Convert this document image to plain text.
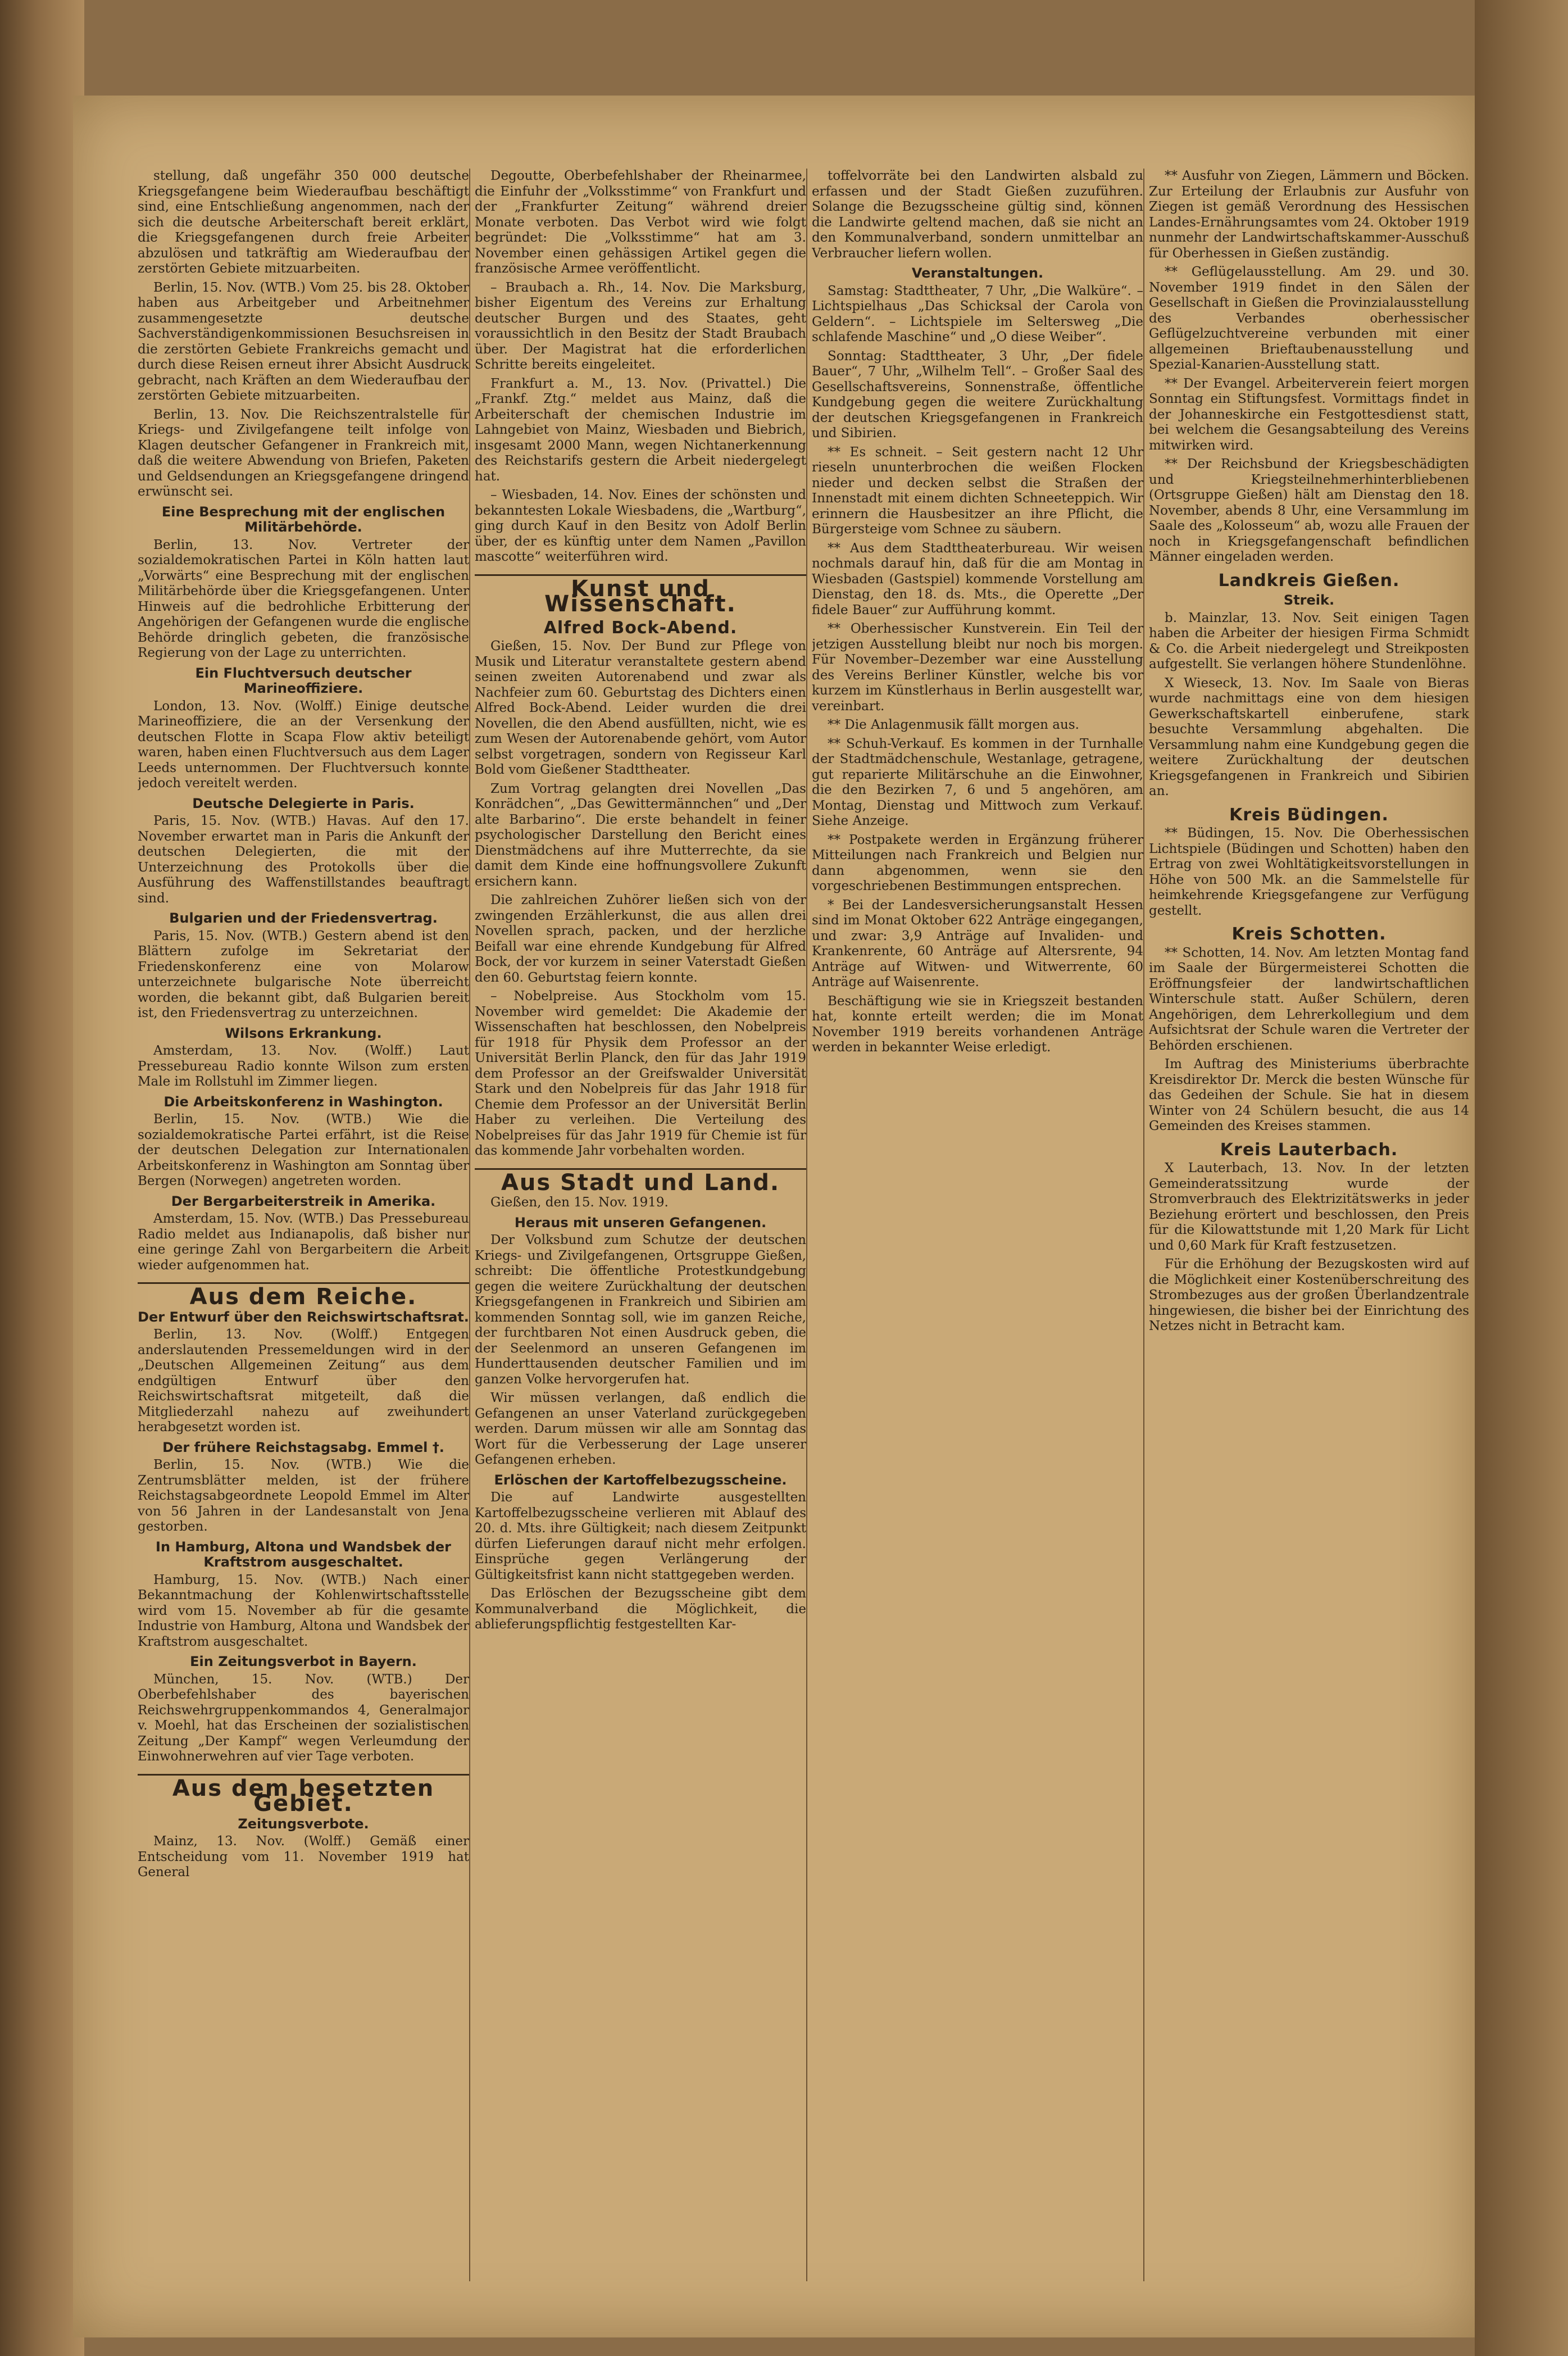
stellung, daß ungefähr 350 000 deutsche Kriegsgefangene beim Wiederaufbau beschäftigt sind, eine Entschließung angenommen, nach der sich die deutsche Arbeiterschaft bereit erklärt, die Kriegsgefangenen durch freie Arbeiter abzulösen und tatkräftig am Wiederaufbau der zerstörten Gebiete mitzuarbeiten.

Berlin, 15. Nov. (WTB.) Vom 25. bis 28. Oktober haben aus Arbeitgeber und Arbeitnehmer zusammengesetzte deutsche Sachverständigenkommissionen Besuchsreisen in die zerstörten Gebiete Frankreichs gemacht und durch diese Reisen erneut ihrer Absicht Ausdruck gebracht, nach Kräften an dem Wiederaufbau der zerstörten Gebiete mitzuarbeiten.

Berlin, 13. Nov. Die Reichszentralstelle für Kriegs- und Zivilgefangene teilt infolge von Klagen deutscher Gefangener in Frankreich mit, daß die weitere Abwendung von Briefen, Paketen und Geldsendungen an Kriegsgefangene dringend erwünscht sei.

Eine Besprechung mit der englischen Militärbehörde.

Berlin, 13. Nov. Vertreter der sozialdemokratischen Partei in Köln hatten laut „Vorwärts“ eine Besprechung mit der englischen Militärbehörde über die Kriegsgefangenen. Unter Hinweis auf die bedrohliche Erbitterung der Angehörigen der Gefangenen wurde die englische Behörde dringlich gebeten, die französische Regierung von der Lage zu unterrichten.

Ein Fluchtversuch deutscher Marineoffiziere.

London, 13. Nov. (Wolff.) Einige deutsche Marineoffiziere, die an der Versenkung der deutschen Flotte in Scapa Flow aktiv beteiligt waren, haben einen Fluchtversuch aus dem Lager Leeds unternommen. Der Fluchtversuch konnte jedoch vereitelt werden.

Deutsche Delegierte in Paris.

Paris, 15. Nov. (WTB.) Havas. Auf den 17. November erwartet man in Paris die Ankunft der deutschen Delegierten, die mit der Unterzeichnung des Protokolls über die Ausführung des Waffenstillstandes beauftragt sind.

Bulgarien und der Friedensvertrag.

Paris, 15. Nov. (WTB.) Gestern abend ist den Blättern zufolge im Sekretariat der Friedenskonferenz eine von Molarow unterzeichnete bulgarische Note überreicht worden, die bekannt gibt, daß Bulgarien bereit ist, den Friedensvertrag zu unterzeichnen.

Wilsons Erkrankung.

Amsterdam, 13. Nov. (Wolff.) Laut Pressebureau Radio konnte Wilson zum ersten Male im Rollstuhl im Zimmer liegen.

Die Arbeitskonferenz in Washington.

Berlin, 15. Nov. (WTB.) Wie die sozialdemokratische Partei erfährt, ist die Reise der deutschen Delegation zur Internationalen Arbeitskonferenz in Washington am Sonntag über Bergen (Norwegen) angetreten worden.

Der Bergarbeiterstreik in Amerika.

Amsterdam, 15. Nov. (WTB.) Das Pressebureau Radio meldet aus Indianapolis, daß bisher nur eine geringe Zahl von Bergarbeitern die Arbeit wieder aufgenommen hat.

Aus dem Reiche.
Der Entwurf über den Reichswirtschaftsrat.

Berlin, 13. Nov. (Wolff.) Entgegen anderslautenden Pressemeldungen wird in der „Deutschen Allgemeinen Zeitung“ aus dem endgültigen Entwurf über den Reichswirtschaftsrat mitgeteilt, daß die Mitgliederzahl nahezu auf zweihundert herabgesetzt worden ist.

Der frühere Reichstagsabg. Emmel †.

Berlin, 15. Nov. (WTB.) Wie die Zentrumsblätter melden, ist der frühere Reichstagsabgeordnete Leopold Emmel im Alter von 56 Jahren in der Landesanstalt von Jena gestorben.

In Hamburg, Altona und Wandsbek der Kraftstrom ausgeschaltet.

Hamburg, 15. Nov. (WTB.) Nach einer Bekanntmachung der Kohlenwirtschaftsstelle wird vom 15. November ab für die gesamte Industrie von Hamburg, Altona und Wandsbek der Kraftstrom ausgeschaltet.

Ein Zeitungsverbot in Bayern.

München, 15. Nov. (WTB.) Der Oberbefehlshaber des bayerischen Reichswehrgruppenkommandos 4, Generalmajor v. Moehl, hat das Erscheinen der sozialistischen Zeitung „Der Kampf“ wegen Verleumdung der Einwohnerwehren auf vier Tage verboten.

Aus dem besetzten Gebiet.
Zeitungsverbote.

Mainz, 13. Nov. (Wolff.) Gemäß einer Entscheidung vom 11. November 1919 hat General

Degoutte, Oberbefehlshaber der Rheinarmee, die Einfuhr der „Volksstimme“ von Frankfurt und der „Frankfurter Zeitung“ während dreier Monate verboten. Das Verbot wird wie folgt begründet: Die „Volksstimme“ hat am 3. November einen gehässigen Artikel gegen die französische Armee veröffentlicht.

– Braubach a. Rh., 14. Nov. Die Marksburg, bisher Eigentum des Vereins zur Erhaltung deutscher Burgen und des Staates, geht voraussichtlich in den Besitz der Stadt Braubach über. Der Magistrat hat die erforderlichen Schritte bereits eingeleitet.

Frankfurt a. M., 13. Nov. (Privattel.) Die „Frankf. Ztg.“ meldet aus Mainz, daß die Arbeiterschaft der chemischen Industrie im Lahngebiet von Mainz, Wiesbaden und Biebrich, insgesamt 2000 Mann, wegen Nichtanerkennung des Reichstarifs gestern die Arbeit niedergelegt hat.

– Wiesbaden, 14. Nov. Eines der schönsten und bekanntesten Lokale Wiesbadens, die „Wartburg“, ging durch Kauf in den Besitz von Adolf Berlin über, der es künftig unter dem Namen „Pavillon mascotte“ weiterführen wird.

Kunst und Wissenschaft.
Alfred Bock-Abend.

Gießen, 15. Nov. Der Bund zur Pflege von Musik und Literatur veranstaltete gestern abend seinen zweiten Autorenabend und zwar als Nachfeier zum 60. Geburtstag des Dichters einen Alfred Bock-Abend. Leider wurden die drei Novellen, die den Abend ausfüllten, nicht, wie es zum Wesen der Autorenabende gehört, vom Autor selbst vorgetragen, sondern von Regisseur Karl Bold vom Gießener Stadttheater.

Zum Vortrag gelangten drei Novellen „Das Konrädchen“, „Das Gewittermännchen“ und „Der alte Barbarino“. Die erste behandelt in feiner psychologischer Darstellung den Bericht eines Dienstmädchens auf ihre Mutterrechte, da sie damit dem Kinde eine hoffnungsvollere Zukunft ersichern kann.

Die zahlreichen Zuhörer ließen sich von der zwingenden Erzählerkunst, die aus allen drei Novellen sprach, packen, und der herzliche Beifall war eine ehrende Kundgebung für Alfred Bock, der vor kurzem in seiner Vaterstadt Gießen den 60. Geburtstag feiern konnte.

– Nobelpreise. Aus Stockholm vom 15. November wird gemeldet: Die Akademie der Wissenschaften hat beschlossen, den Nobelpreis für 1918 für Physik dem Professor an der Universität Berlin Planck, den für das Jahr 1919 dem Professor an der Greifswalder Universität Stark und den Nobelpreis für das Jahr 1918 für Chemie dem Professor an der Universität Berlin Haber zu verleihen. Die Verteilung des Nobelpreises für das Jahr 1919 für Chemie ist für das kommende Jahr vorbehalten worden.

Aus Stadt und Land.

Gießen, den 15. Nov. 1919.

Heraus mit unseren Gefangenen.

Der Volksbund zum Schutze der deutschen Kriegs- und Zivilgefangenen, Ortsgruppe Gießen, schreibt: Die öffentliche Protestkundgebung gegen die weitere Zurückhaltung der deutschen Kriegsgefangenen in Frankreich und Sibirien am kommenden Sonntag soll, wie im ganzen Reiche, der furchtbaren Not einen Ausdruck geben, die der Seelenmord an unseren Gefangenen im Hunderttausenden deutscher Familien und im ganzen Volke hervorgerufen hat.

Wir müssen verlangen, daß endlich die Gefangenen an unser Vaterland zurückgegeben werden. Darum müssen wir alle am Sonntag das Wort für die Verbesserung der Lage unserer Gefangenen erheben.

Erlöschen der Kartoffelbezugsscheine.

Die auf Landwirte ausgestellten Kartoffelbezugsscheine verlieren mit Ablauf des 20. d. Mts. ihre Gültigkeit; nach diesem Zeitpunkt dürfen Lieferungen darauf nicht mehr erfolgen. Einsprüche gegen Verlängerung der Gültigkeitsfrist kann nicht stattgegeben werden.

Das Erlöschen der Bezugsscheine gibt dem Kommunalverband die Möglichkeit, die ablieferungspflichtig festgestellten Kar-

toffelvorräte bei den Landwirten alsbald zu erfassen und der Stadt Gießen zuzuführen. Solange die Bezugsscheine gültig sind, können die Landwirte geltend machen, daß sie nicht an den Kommunalverband, sondern unmittelbar an Verbraucher liefern wollen.

Veranstaltungen.

Samstag: Stadttheater, 7 Uhr, „Die Walküre“. – Lichtspielhaus „Das Schicksal der Carola von Geldern“. – Lichtspiele im Seltersweg „Die schlafende Maschine“ und „O diese Weiber“.

Sonntag: Stadttheater, 3 Uhr, „Der fidele Bauer“, 7 Uhr, „Wilhelm Tell“. – Großer Saal des Gesellschaftsvereins, Sonnenstraße, öffentliche Kundgebung gegen die weitere Zurückhaltung der deutschen Kriegsgefangenen in Frankreich und Sibirien.

** Es schneit. – Seit gestern nacht 12 Uhr rieseln ununterbrochen die weißen Flocken nieder und decken selbst die Straßen der Innenstadt mit einem dichten Schneeteppich. Wir erinnern die Hausbesitzer an ihre Pflicht, die Bürgersteige vom Schnee zu säubern.

** Aus dem Stadttheaterbureau. Wir weisen nochmals darauf hin, daß für die am Montag in Wiesbaden (Gastspiel) kommende Vorstellung am Dienstag, den 18. ds. Mts., die Operette „Der fidele Bauer“ zur Aufführung kommt.

** Oberhessischer Kunstverein. Ein Teil der jetzigen Ausstellung bleibt nur noch bis morgen. Für November–Dezember war eine Ausstellung des Vereins Berliner Künstler, welche bis vor kurzem im Künstlerhaus in Berlin ausgestellt war, vereinbart.

** Die Anlagenmusik fällt morgen aus.

** Schuh-Verkauf. Es kommen in der Turnhalle der Stadtmädchenschule, Westanlage, getragene, gut reparierte Militärschuhe an die Einwohner, die den Bezirken 7, 6 und 5 angehören, am Montag, Dienstag und Mittwoch zum Verkauf. Siehe Anzeige.

** Postpakete werden in Ergänzung früherer Mitteilungen nach Frankreich und Belgien nur dann abgenommen, wenn sie den vorgeschriebenen Bestimmungen entsprechen.

* Bei der Landesversicherungsanstalt Hessen sind im Monat Oktober 622 Anträge eingegangen, und zwar: 3,9 Anträge auf Invaliden- und Krankenrente, 60 Anträge auf Altersrente, 94 Anträge auf Witwen- und Witwerrente, 60 Anträge auf Waisenrente.

Beschäftigung wie sie in Kriegszeit bestanden hat, konnte erteilt werden; die im Monat November 1919 bereits vorhandenen Anträge werden in bekannter Weise erledigt.

** Ausfuhr von Ziegen, Lämmern und Böcken. Zur Erteilung der Erlaubnis zur Ausfuhr von Ziegen ist gemäß Verordnung des Hessischen Landes-Ernährungsamtes vom 24. Oktober 1919 nunmehr der Landwirtschaftskammer-Ausschuß für Oberhessen in Gießen zuständig.

** Geflügelausstellung. Am 29. und 30. November 1919 findet in den Sälen der Gesellschaft in Gießen die Provinzialausstellung des Verbandes oberhessischer Geflügelzuchtvereine verbunden mit einer allgemeinen Brieftaubenausstellung und Spezial-Kanarien-Ausstellung statt.

** Der Evangel. Arbeiterverein feiert morgen Sonntag ein Stiftungsfest. Vormittags findet in der Johanneskirche ein Festgottesdienst statt, bei welchem die Gesangsabteilung des Vereins mitwirken wird.

** Der Reichsbund der Kriegsbeschädigten und Kriegsteilnehmerhinterbliebenen (Ortsgruppe Gießen) hält am Dienstag den 18. November, abends 8 Uhr, eine Versammlung im Saale des „Kolosseum“ ab, wozu alle Frauen der noch in Kriegsgefangenschaft befindlichen Männer eingeladen werden.

Landkreis Gießen.
Streik.

b. Mainzlar, 13. Nov. Seit einigen Tagen haben die Arbeiter der hiesigen Firma Schmidt & Co. die Arbeit niedergelegt und Streikposten aufgestellt. Sie verlangen höhere Stundenlöhne.

X Wieseck, 13. Nov. Im Saale von Bieras wurde nachmittags eine von dem hiesigen Gewerkschaftskartell einberufene, stark besuchte Versammlung abgehalten. Die Versammlung nahm eine Kundgebung gegen die weitere Zurückhaltung der deutschen Kriegsgefangenen in Frankreich und Sibirien an.

Kreis Büdingen.

** Büdingen, 15. Nov. Die Oberhessischen Lichtspiele (Büdingen und Schotten) haben den Ertrag von zwei Wohltätigkeitsvorstellungen in Höhe von 500 Mk. an die Sammelstelle für heimkehrende Kriegsgefangene zur Verfügung gestellt.

Kreis Schotten.

** Schotten, 14. Nov. Am letzten Montag fand im Saale der Bürgermeisterei Schotten die Eröffnungsfeier der landwirtschaftlichen Winterschule statt. Außer Schülern, deren Angehörigen, dem Lehrerkollegium und dem Aufsichtsrat der Schule waren die Vertreter der Behörden erschienen.

Im Auftrag des Ministeriums überbrachte Kreisdirektor Dr. Merck die besten Wünsche für das Gedeihen der Schule. Sie hat in diesem Winter von 24 Schülern besucht, die aus 14 Gemeinden des Kreises stammen.

Kreis Lauterbach.

X Lauterbach, 13. Nov. In der letzten Gemeinderatssitzung wurde der Stromverbrauch des Elektrizitätswerks in jeder Beziehung erörtert und beschlossen, den Preis für die Kilowattstunde mit 1,20 Mark für Licht und 0,60 Mark für Kraft festzusetzen.

Für die Erhöhung der Bezugskosten wird auf die Möglichkeit einer Kostenüberschreitung des Strombezuges aus der großen Überlandzentrale hingewiesen, die bisher bei der Einrichtung des Netzes nicht in Betracht kam.
